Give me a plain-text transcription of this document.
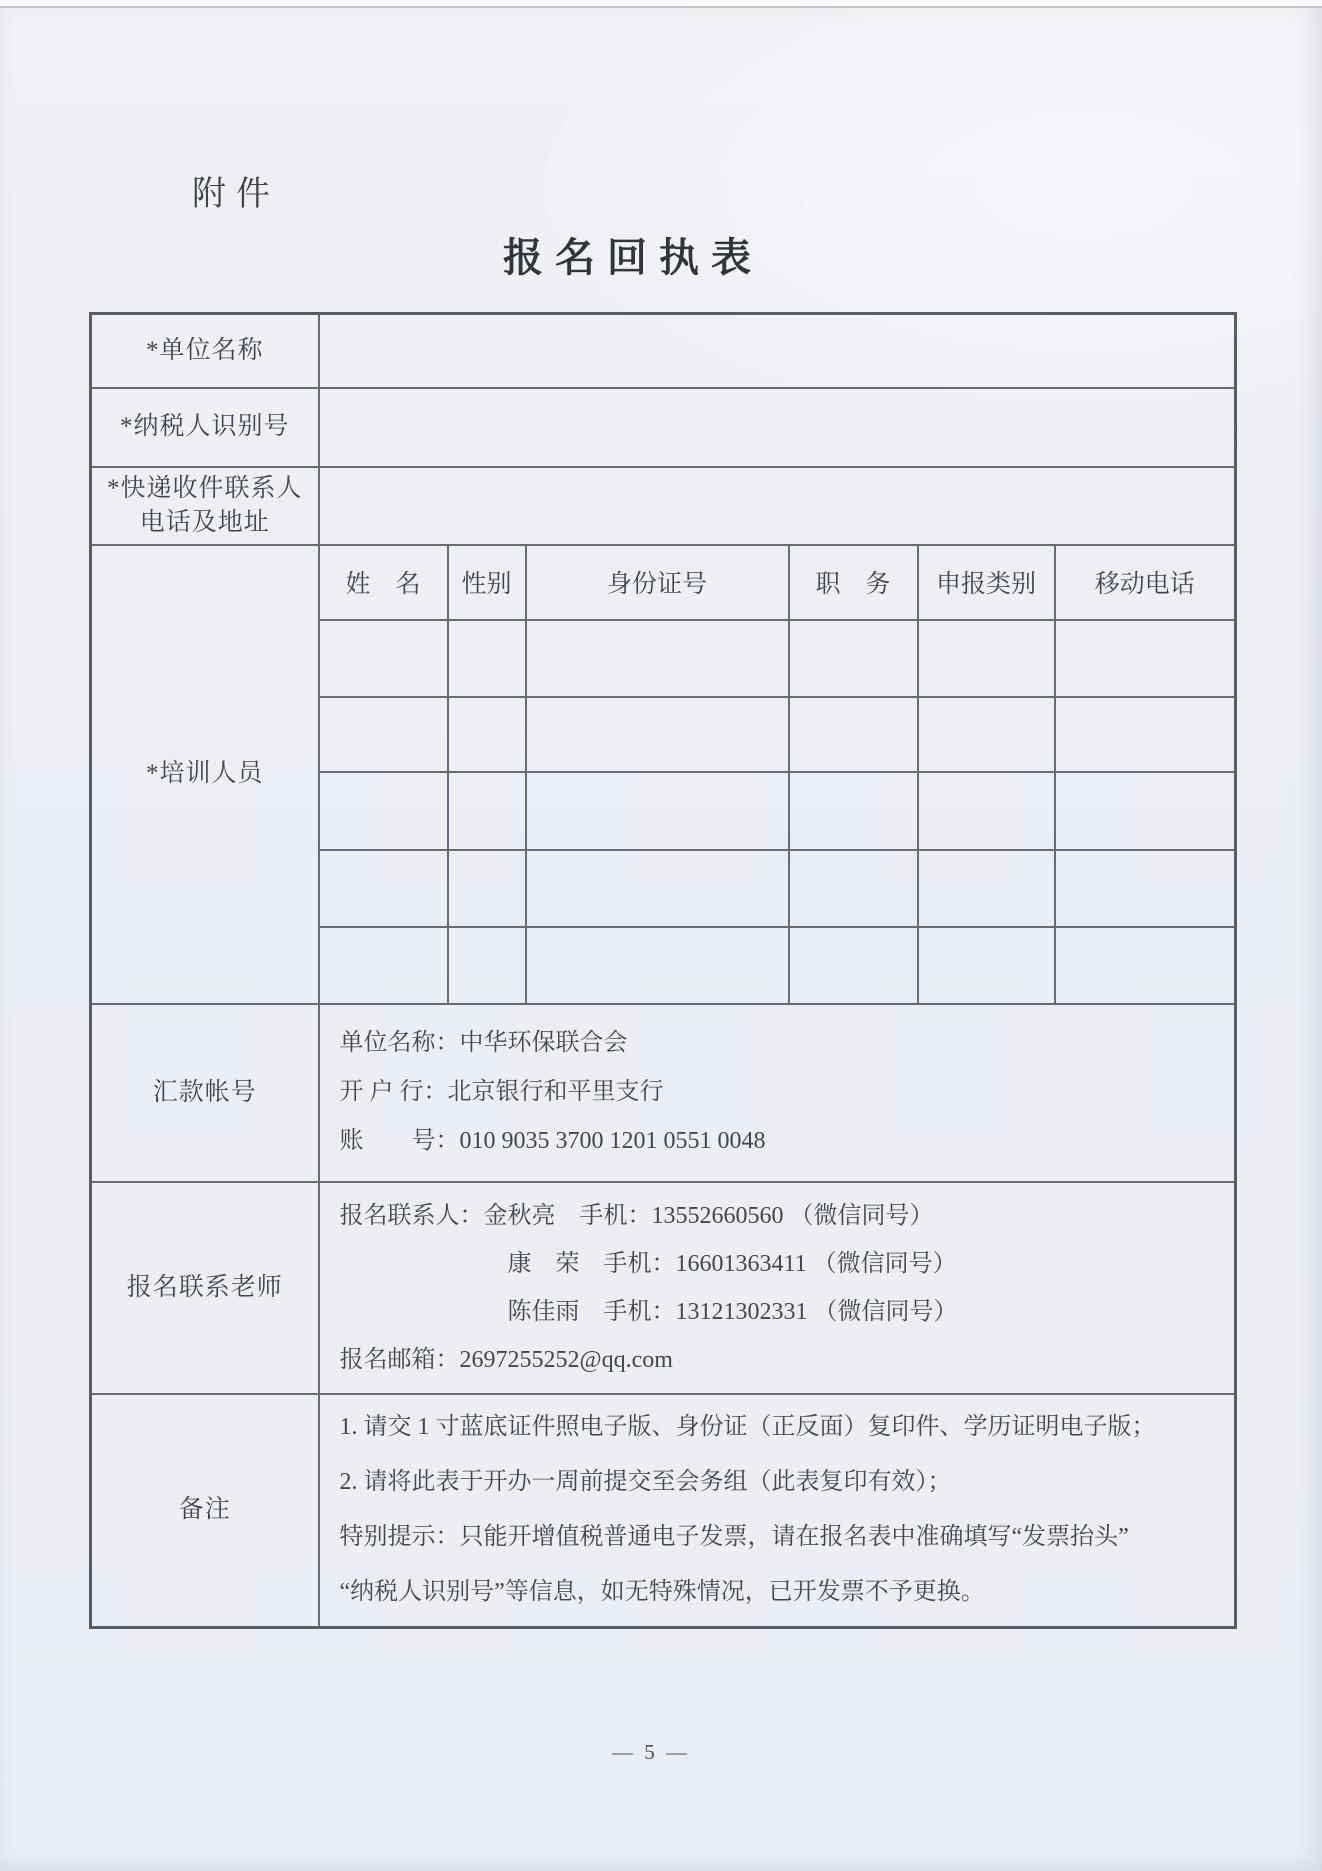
附件
报名回执表
*单位名称						
*纳税人识别号						

*快递收件联系人
电话及地址						

*培训人员	姓　名	性别	身份证号	职　务	申报类别	移动电话

汇款帐号	单位名称：中华环保联合会
开 户 行：北京银行和平里支行
账　　号：010 9035 3700 1201 0551 0048					

报名联系老师	报名联系人：金秋亮　手机：13552660560 （微信同号）
康　荣　手机：16601363411 （微信同号）
陈佳雨　手机：13121302331 （微信同号）
报名邮箱：2697255252@qq.com					

备注	1. 请交 1 寸蓝底证件照电子版、身份证（正反面）复印件、学历证明电子版；
2. 请将此表于开办一周前提交至会务组（此表复印有效）；
特别提示：只能开增值税普通电子发票，请在报名表中准确填写“发票抬头”
“纳税人识别号”等信息，如无特殊情况，已开发票不予更换。					
— 5 —
